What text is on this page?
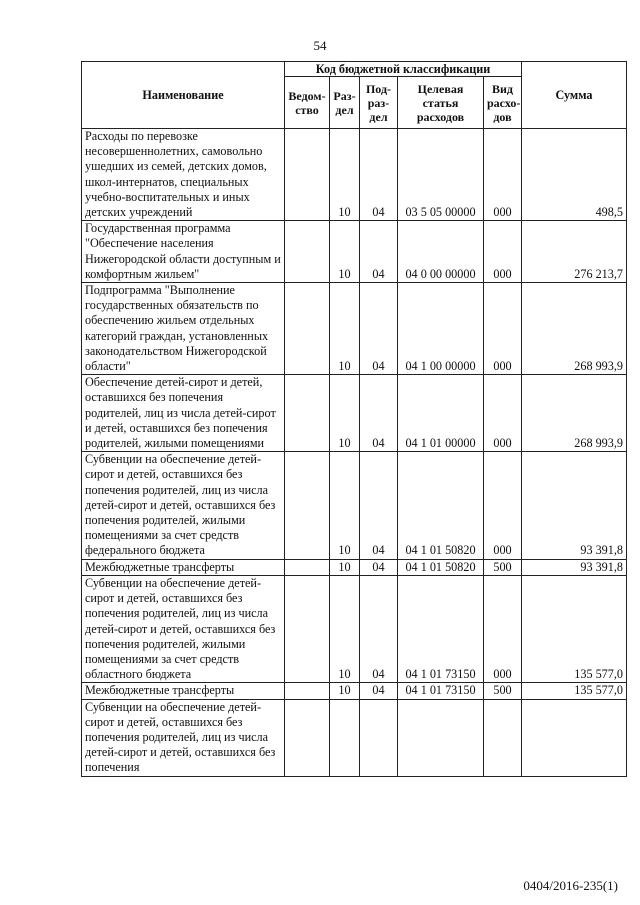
54
Наименование	Код бюджетной классификации					Сумма
	Ведом-ство	Раз-дел	Под-раз-дел	Целевая статья расходов	Вид расхо-дов	
Расходы по перевозке несовершеннолетних, самовольно ушедших из семей, детских домов, школ-интернатов, специальных учебно-воспитательных и иных детских учреждений		10	04	03 5 05 00000	000	498,5
Государственная программа "Обеспечение населения Нижегородской области доступным и комфортным жильем"		10	04	04 0 00 00000	000	276 213,7
Подпрограмма "Выполнение государственных обязательств по обеспечению жильем отдельных категорий граждан, установленных законодательством Нижегородской области"		10	04	04 1 00 00000	000	268 993,9
Обеспечение детей-сирот и детей, оставшихся без попечения родителей, лиц из числа детей-сирот и детей, оставшихся без попечения родителей, жилыми помещениями		10	04	04 1 01 00000	000	268 993,9
Субвенции на обеспечение детей-сирот и детей, оставшихся без попечения родителей, лиц из числа детей-сирот и детей, оставшихся без попечения родителей, жилыми помещениями за счет средств федерального бюджета		10	04	04 1 01 50820	000	93 391,8
Межбюджетные трансферты		10	04	04 1 01 50820	500	93 391,8
Субвенции на обеспечение детей-сирот и детей, оставшихся без попечения родителей, лиц из числа детей-сирот и детей, оставшихся без попечения родителей, жилыми помещениями за счет средств областного бюджета		10	04	04 1 01 73150	000	135 577,0
Межбюджетные трансферты		10	04	04 1 01 73150	500	135 577,0
Субвенции на обеспечение детей-сирот и детей, оставшихся без попечения родителей, лиц из числа детей-сирот и детей, оставшихся без попечения						
0404/2016-235(1)
